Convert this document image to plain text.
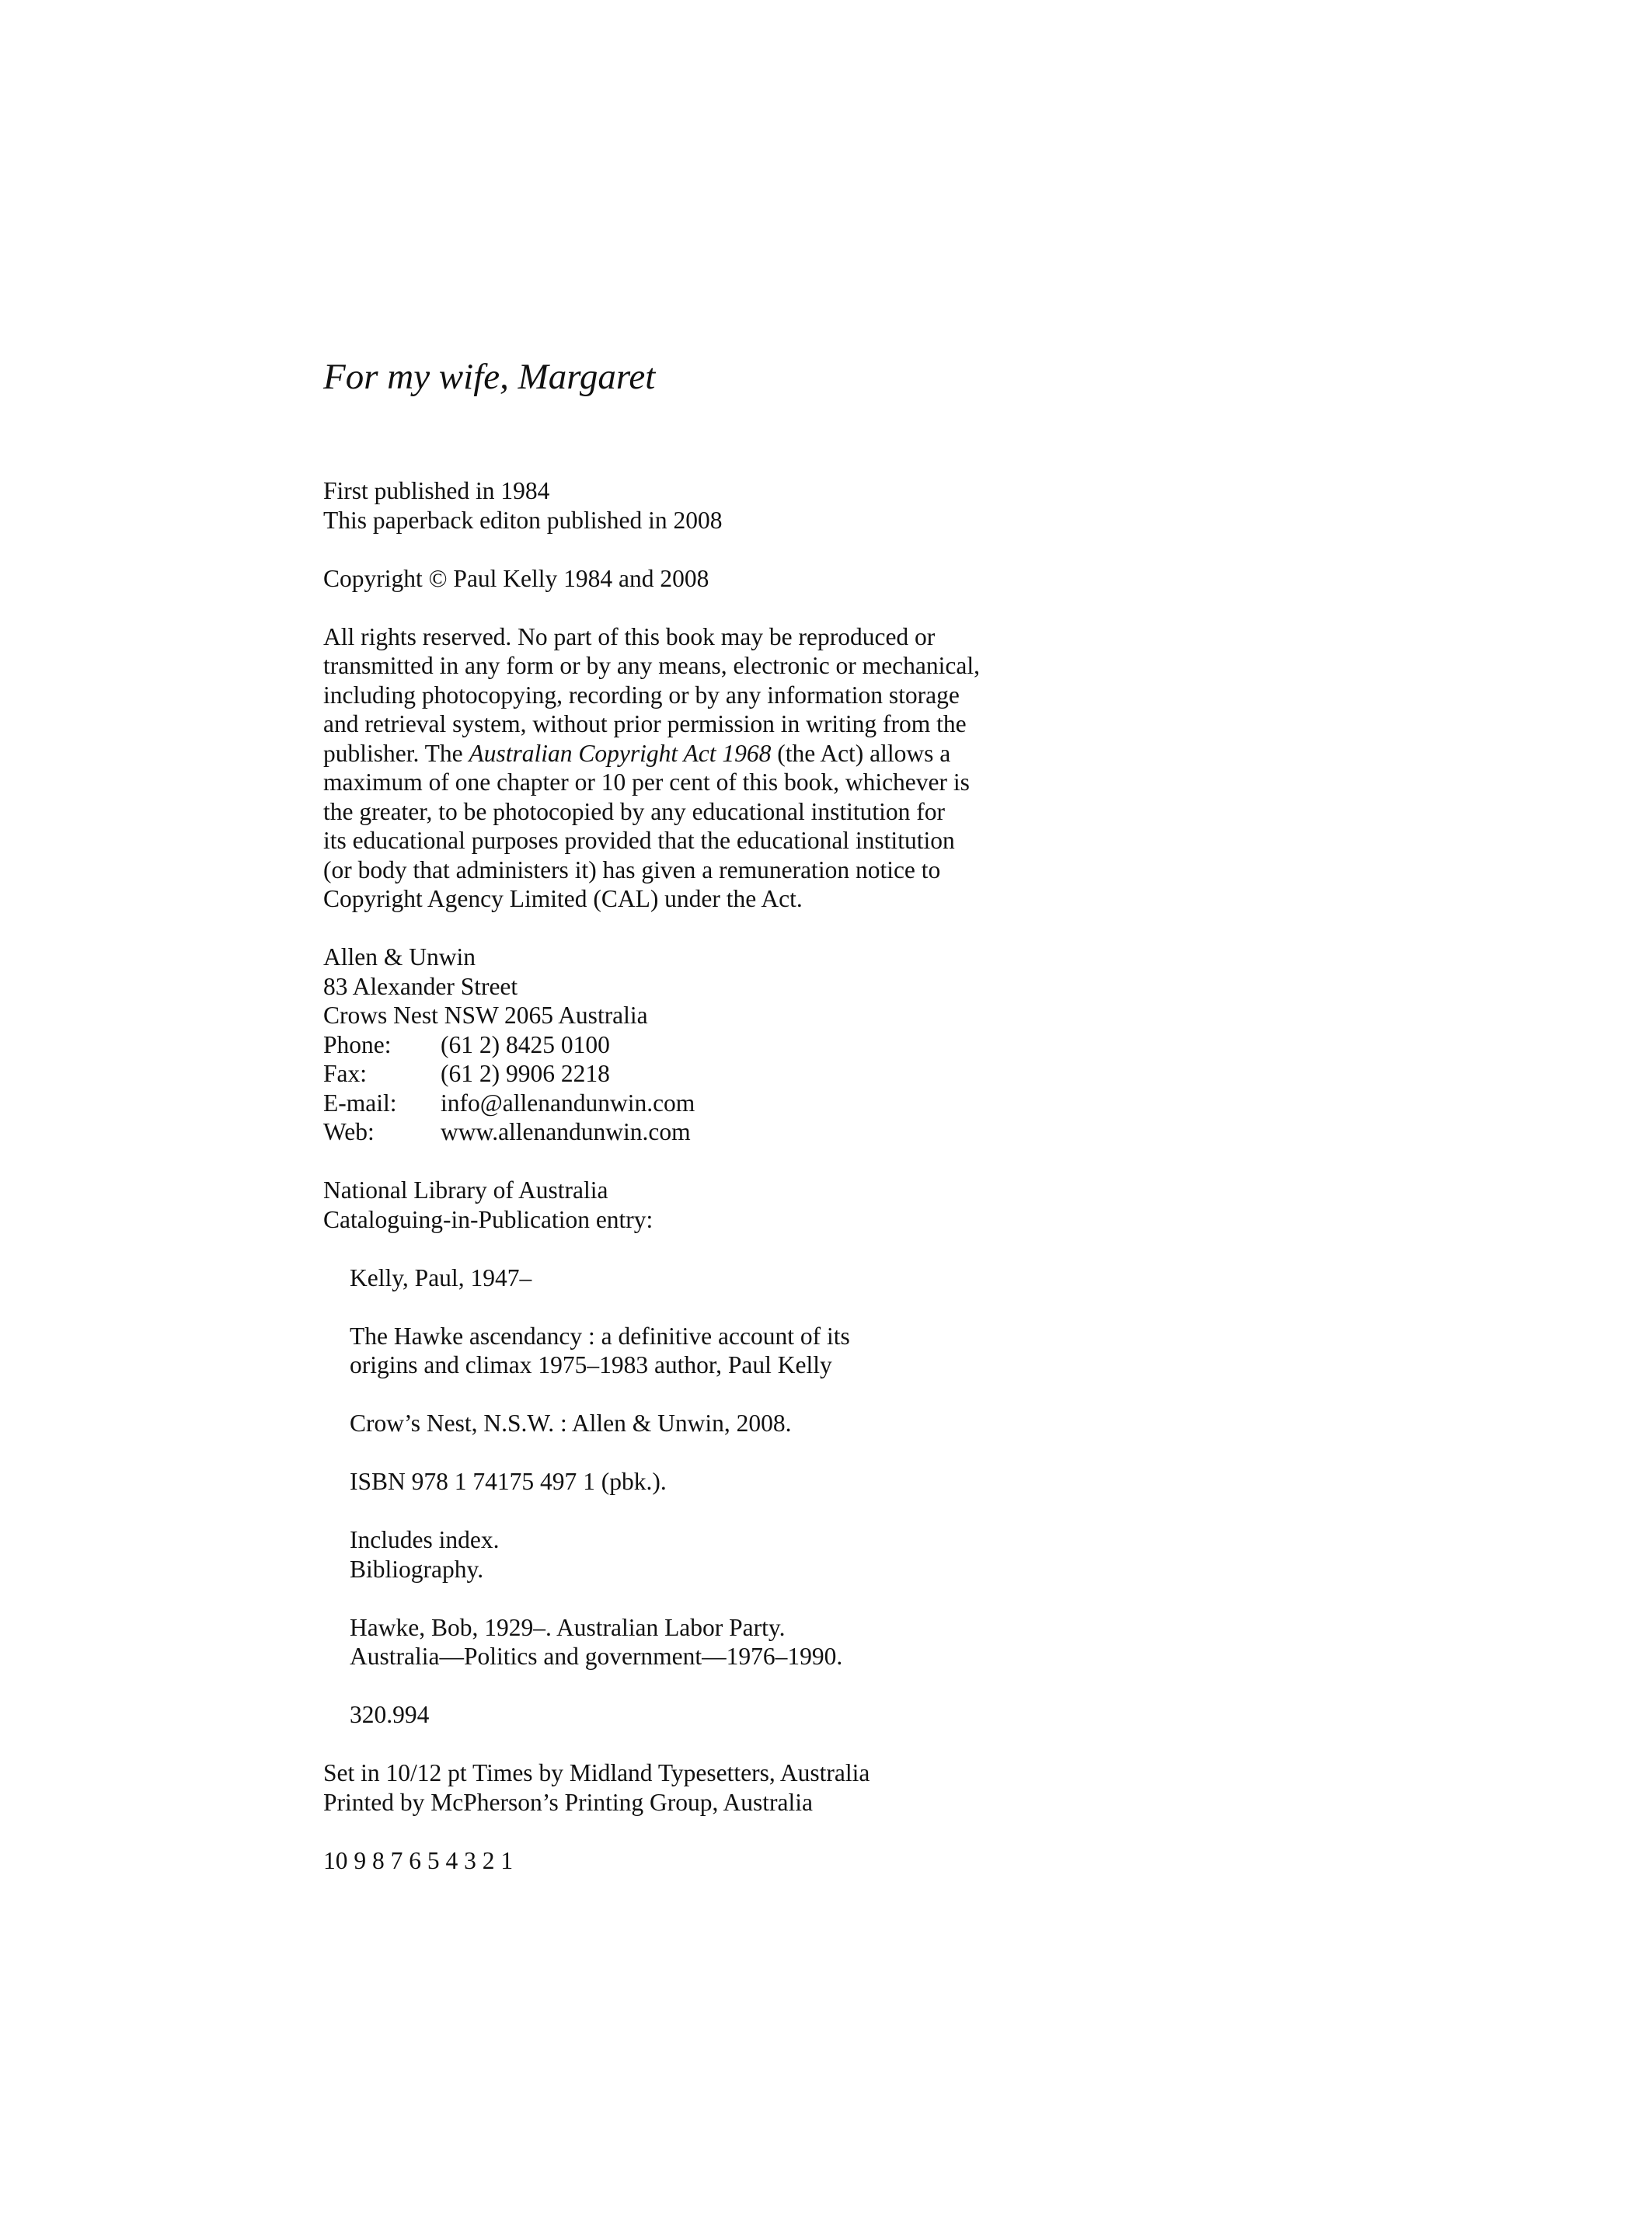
For my wife, Margaret
First published in 1984
This paperback editon published in 2008
Copyright © Paul Kelly 1984 and 2008
All rights reserved. No part of this book may be reproduced or
transmitted in any form or by any means, electronic or mechanical,
including photocopying, recording or by any information storage
and retrieval system, without prior permission in writing from the
publisher. The Australian Copyright Act 1968 (the Act) allows a
maximum of one chapter or 10 per cent of this book, whichever is
the greater, to be photocopied by any educational institution for
its educational purposes provided that the educational institution
(or body that administers it) has given a remuneration notice to
Copyright Agency Limited (CAL) under the Act.
Allen & Unwin
83 Alexander Street
Crows Nest NSW 2065 Australia
Phone: (61 2) 8425 0100
Fax:	(61 2) 9906 2218
E-mail: info@allenandunwin.com
Web:	www.allenandunwin.com
National Library of Australia
Cataloguing-in-Publication entry:
Kelly, Paul, 1947–
The Hawke ascendancy : a definitive account of its
origins and climax 1975–1983 author, Paul Kelly
Crow’s Nest, N.S.W. : Allen & Unwin, 2008.
ISBN 978 1 74175 497 1 (pbk.).
Includes index.
Bibliography.
Hawke, Bob, 1929–. Australian Labor Party.
Australia—Politics and government—1976–1990.
320.994
Set in 10/12 pt Times by Midland Typesetters, Australia
Printed by McPherson’s Printing Group, Australia
10 9 8 7 6 5 4 3 2 1
